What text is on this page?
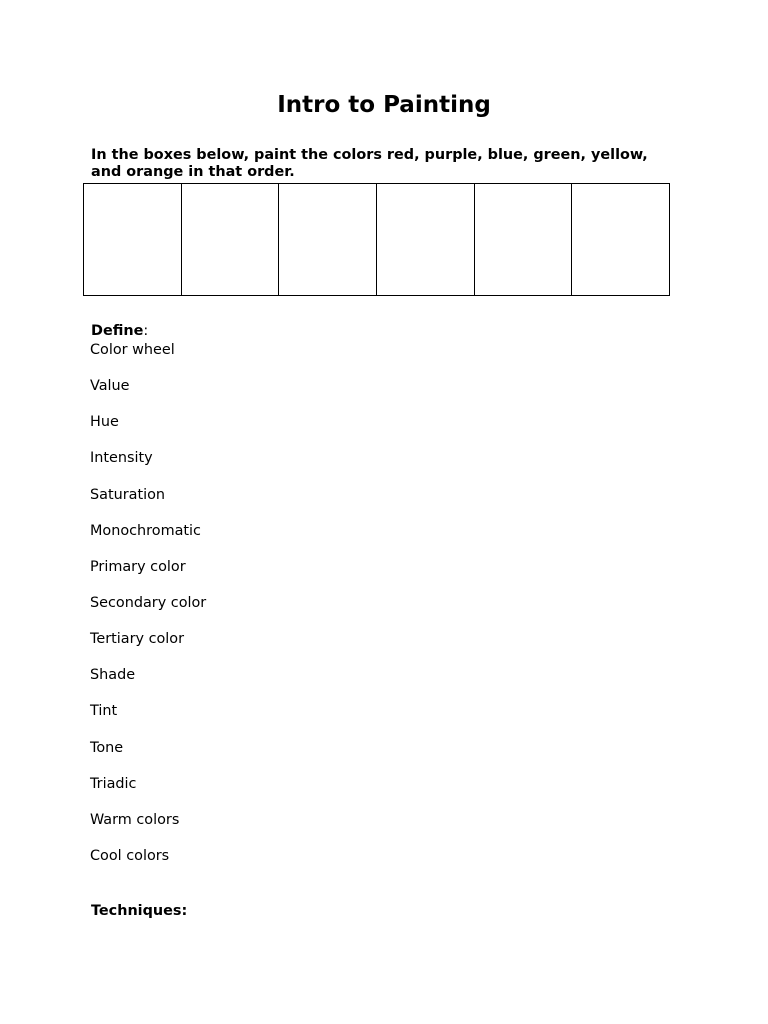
Intro to Painting
In the boxes below, paint the colors red, purple, blue, green, yellow, and orange in that order.
Define:
Color wheel
Value
Hue
Intensity
Saturation
Monochromatic
Primary color
Secondary color
Tertiary color
Shade
Tint
Tone
Triadic
Warm colors
Cool colors
Techniques:
